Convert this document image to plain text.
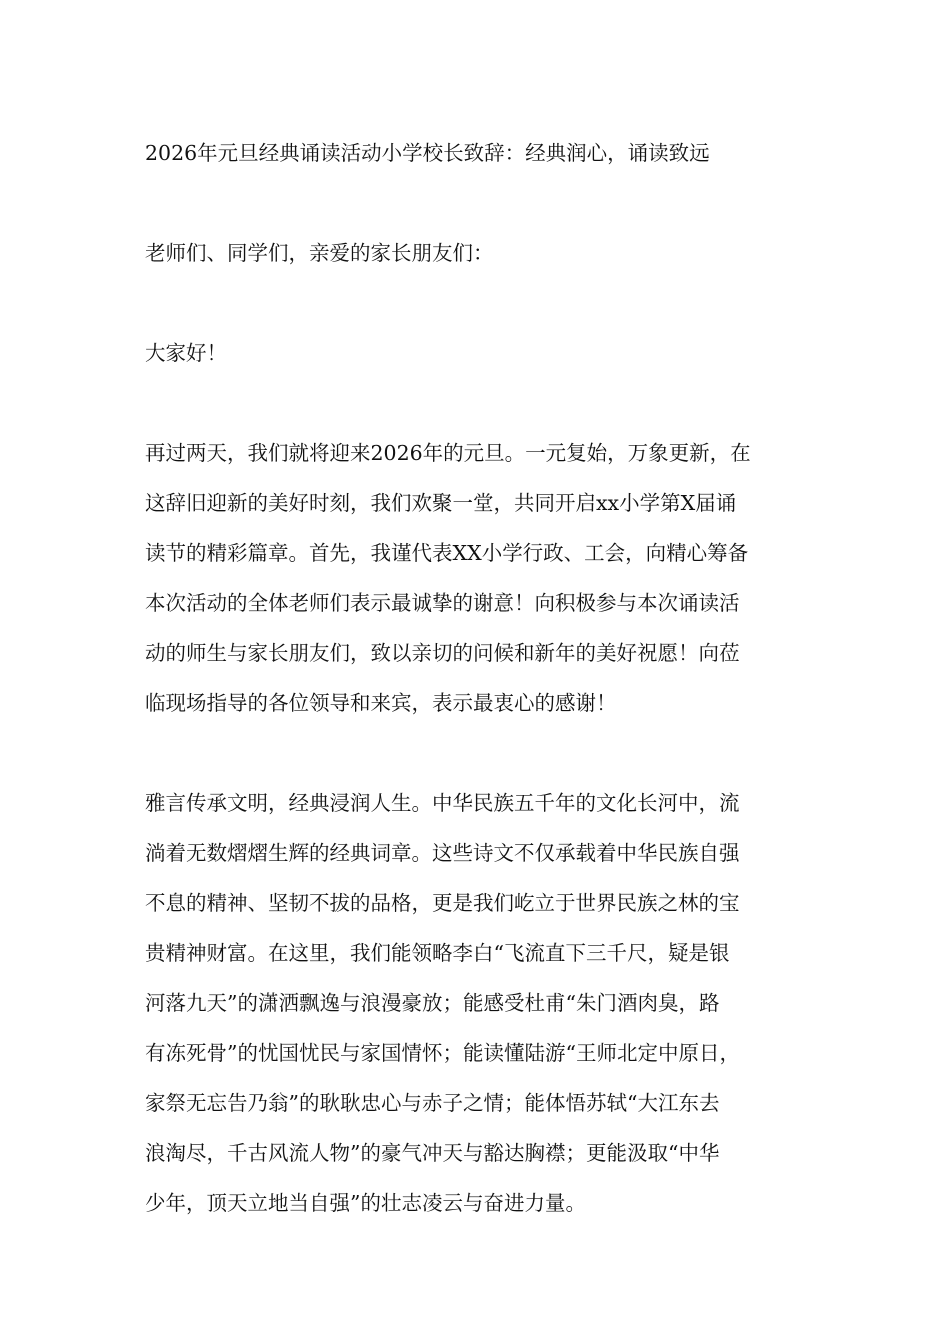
2026年元旦经典诵读活动小学校长致辞：经典润心，诵读致远
老师们、同学们，亲爱的家长朋友们：
大家好！
再过两天，我们就将迎来2026年的元旦。一元复始，万象更新，在
这辞旧迎新的美好时刻，我们欢聚一堂，共同开启xx小学第X届诵
读节的精彩篇章。首先，我谨代表XX小学行政、工会，向精心筹备
本次活动的全体老师们表示最诚挚的谢意！向积极参与本次诵读活
动的师生与家长朋友们，致以亲切的问候和新年的美好祝愿！向莅
临现场指导的各位领导和来宾，表示最衷心的感谢！
雅言传承文明，经典浸润人生。中华民族五千年的文化长河中，流
淌着无数熠熠生辉的经典词章。这些诗文不仅承载着中华民族自强
不息的精神、坚韧不拔的品格，更是我们屹立于世界民族之林的宝
贵精神财富。在这里，我们能领略李白“飞流直下三千尺，疑是银
河落九天”的潇洒飘逸与浪漫豪放；能感受杜甫“朱门酒肉臭，路
有冻死骨”的忧国忧民与家国情怀；能读懂陆游“王师北定中原日，
家祭无忘告乃翁”的耿耿忠心与赤子之情；能体悟苏轼“大江东去
浪淘尽，千古风流人物”的豪气冲天与豁达胸襟；更能汲取“中华
少年，顶天立地当自强”的壮志凌云与奋进力量。
